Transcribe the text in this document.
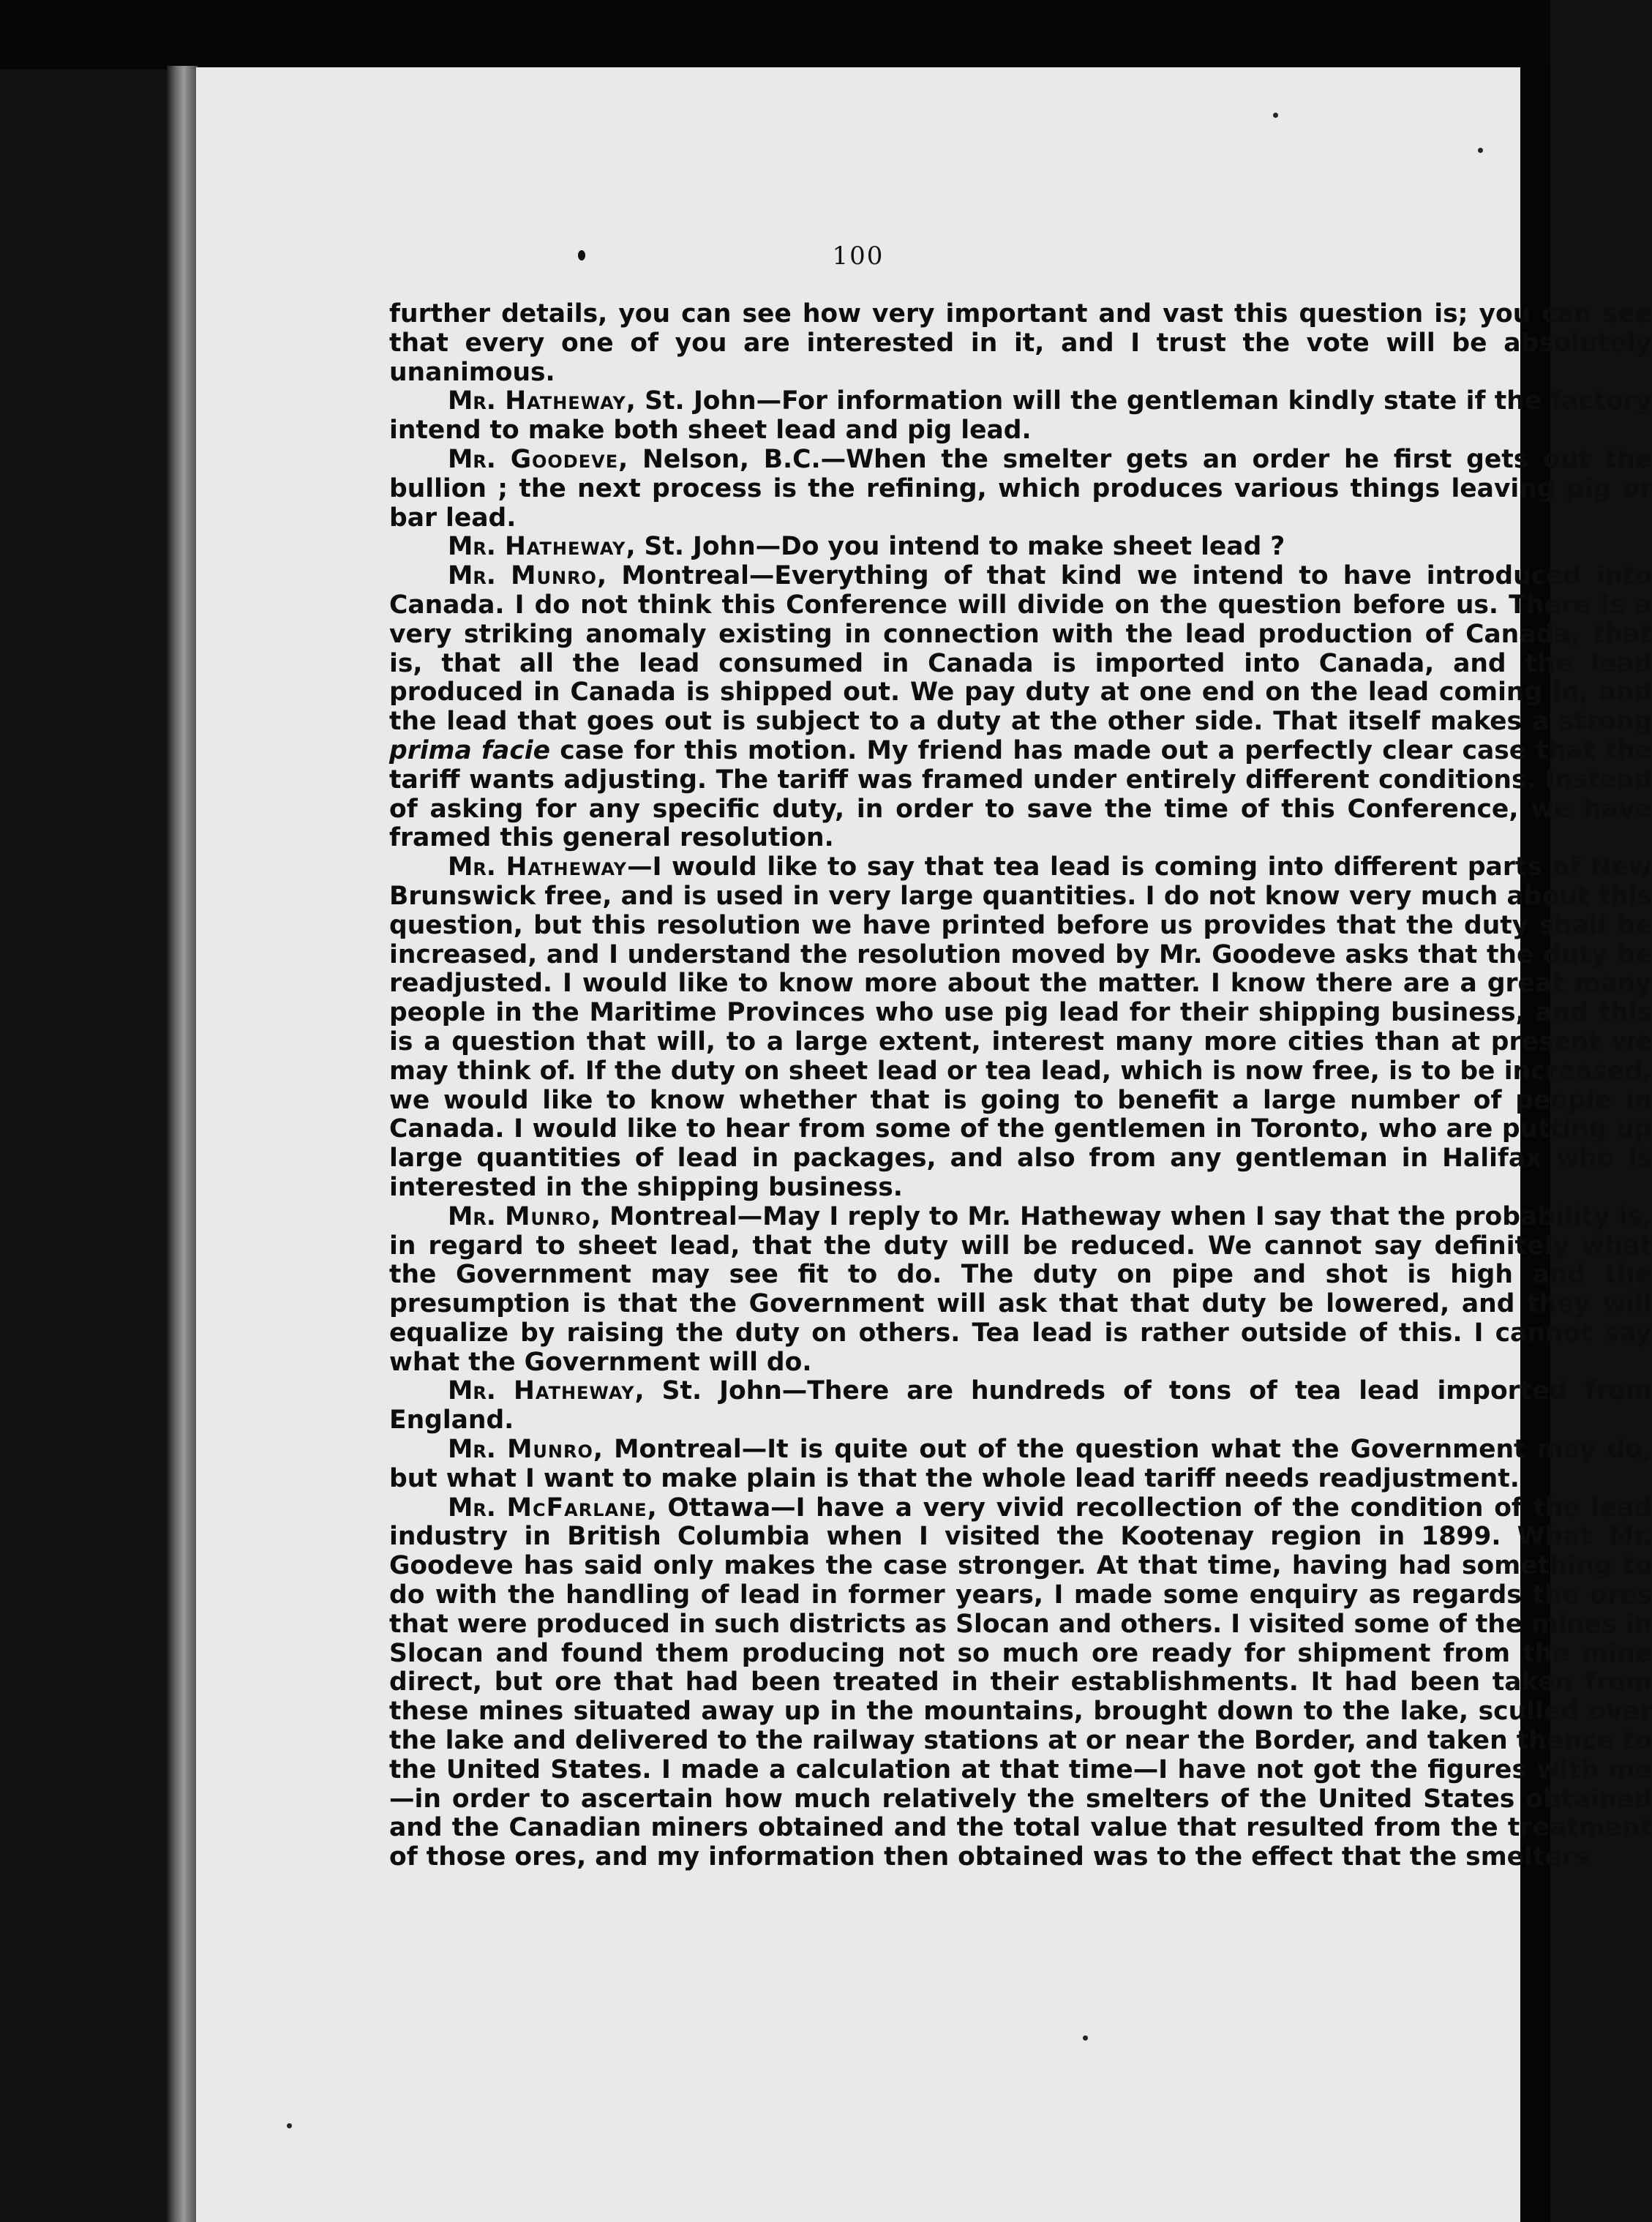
100

further details, you can see how very important and vast this question is; you can see that every one of you are interested in it, and I trust the vote will be absolutely unanimous.

Mr. Hatheway, St. John—For information will the gentleman kindly state if the factory intend to make both sheet lead and pig lead.

Mr. Goodeve, Nelson, B.C.—When the smelter gets an order he first gets out the bullion ; the next process is the refining, which produces various things leaving pig or bar lead.

Mr. Hatheway, St. John—Do you intend to make sheet lead ?

Mr. Munro, Montreal—Everything of that kind we intend to have introduced into Canada. I do not think this Conference will divide on the question before us. There is a very striking anomaly existing in connection with the lead production of Canada, that is, that all the lead consumed in Canada is imported into Canada, and the lead produced in Canada is shipped out. We pay duty at one end on the lead coming in, and the lead that goes out is subject to a duty at the other side. That itself makes a strong prima facie case for this motion. My friend has made out a perfectly clear case that the tariff wants adjusting. The tariff was framed under entirely different conditions. Instead of asking for any specific duty, in order to save the time of this Conference, we have framed this general resolution.

Mr. Hatheway—I would like to say that tea lead is coming into different parts of New Brunswick free, and is used in very large quantities. I do not know very much about this question, but this resolution we have printed before us provides that the duty shall be increased, and I understand the resolution moved by Mr. Goodeve asks that the duty be readjusted. I would like to know more about the matter. I know there are a great many people in the Maritime Provinces who use pig lead for their shipping business, and this is a question that will, to a large extent, interest many more cities than at present we may think of. If the duty on sheet lead or tea lead, which is now free, is to be increased, we would like to know whether that is going to benefit a large number of people in Canada. I would like to hear from some of the gentlemen in Toronto, who are putting up large quantities of lead in packages, and also from any gentleman in Halifax who is interested in the shipping business.

Mr. Munro, Montreal—May I reply to Mr. Hatheway when I say that the probability is, in regard to sheet lead, that the duty will be reduced. We cannot say definitely what the Government may see fit to do. The duty on pipe and shot is high and the presumption is that the Government will ask that that duty be lowered, and they will equalize by raising the duty on others. Tea lead is rather outside of this. I cannot say what the Government will do.

Mr. Hatheway, St. John—There are hundreds of tons of tea lead imported from England.

Mr. Munro, Montreal—It is quite out of the question what the Government may do, but what I want to make plain is that the whole lead tariff needs readjustment.

Mr. McFarlane, Ottawa—I have a very vivid recollection of the condition of the lead industry in British Columbia when I visited the Kootenay region in 1899. What Mr. Goodeve has said only makes the case stronger. At that time, having had something to do with the handling of lead in former years, I made some enquiry as regards the ores that were produced in such districts as Slocan and others. I visited some of the mines in Slocan and found them producing not so much ore ready for shipment from the mine direct, but ore that had been treated in their establishments. It had been taken from these mines situated away up in the mountains, brought down to the lake, sculled over the lake and delivered to the railway stations at or near the Border, and taken thence to the United States. I made a calculation at that time—I have not got the figures with me—in order to ascertain how much relatively the smelters of the United States obtained and the Canadian miners obtained and the total value that resulted from the treatment of those ores, and my information then obtained was to the effect that the smelters
